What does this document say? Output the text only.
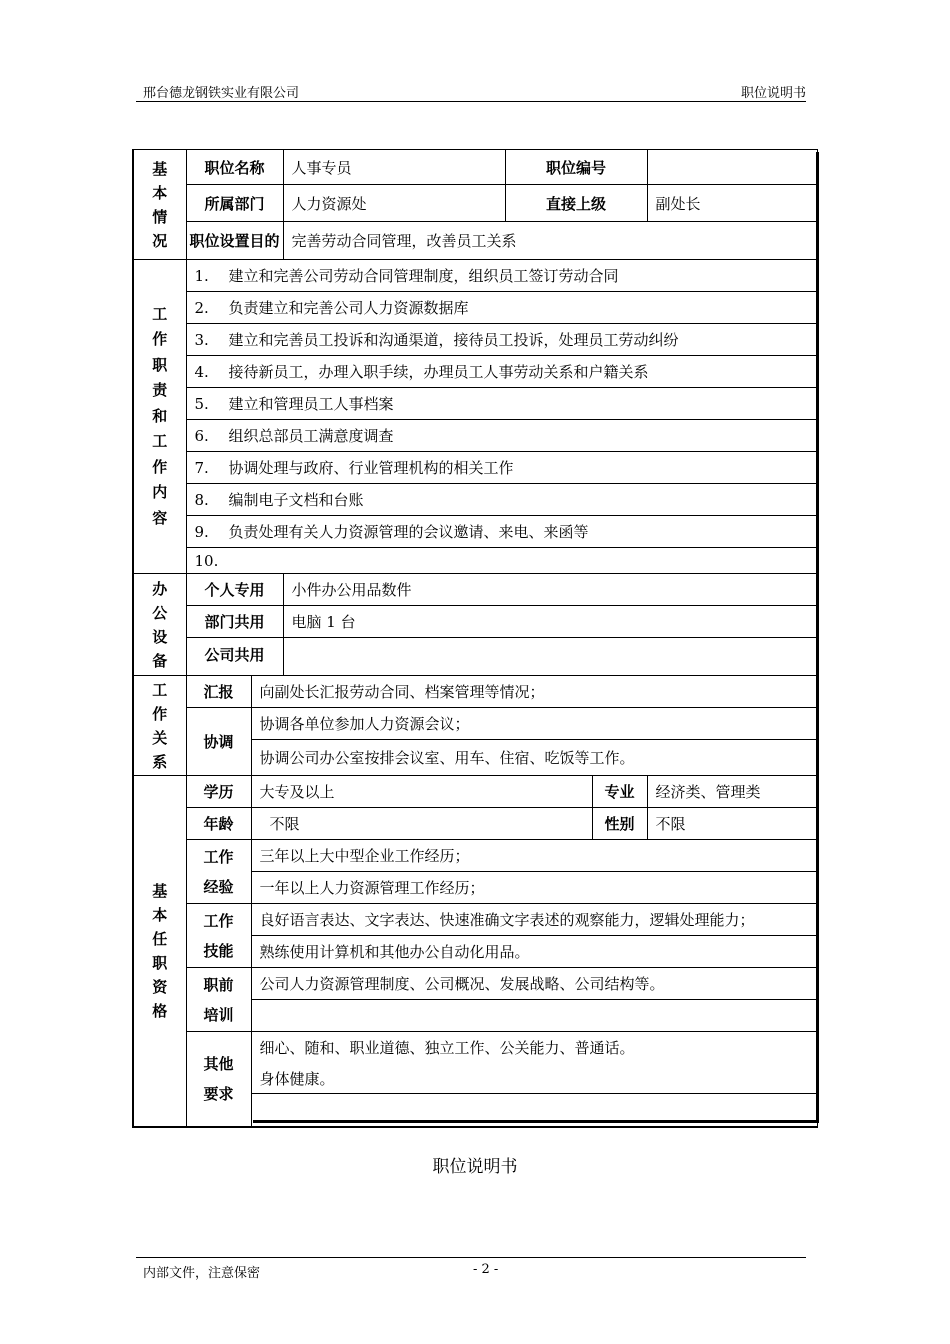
邢台德龙钢铁实业有限公司	职位说明书
基本情况	职位名称		人事专员	职位编号		
	所属部门		人力资源处	直接上级		副处长
	职位设置目的		完善劳动合同管理，改善员工关系			

工作职责和工作内容	1. 建立和完善公司劳动合同管理制度，组织员工签订劳动合同					
	2. 负责建立和完善公司人力资源数据库					
	3. 建立和完善员工投诉和沟通渠道，接待员工投诉，处理员工劳动纠纷					
	4. 接待新员工，办理入职手续，办理员工人事劳动关系和户籍关系					
	5. 建立和管理员工人事档案					
	6. 组织总部员工满意度调查					
	7. 协调处理与政府、行业管理机构的相关工作					
	8. 编制电子文档和台账					
	9. 负责处理有关人力资源管理的会议邀请、来电、来函等					
	10.					

办公设备	个人专用		小件办公用品数件			
	部门共用		电脑 1 台			
	公司共用					

工作关系	汇报	向副处长汇报劳动合同、档案管理等情况；				
	协调	协调各单位参加人力资源会议；				
		协调公司办公室按排会议室、用车、住宿、吃饭等工作。				

基本任职资格	学历	大专及以上			专业	经济类、管理类
	年龄	不限			性别	不限

	工作
经验	三年以上大中型企业工作经历；				
		一年以上人力资源管理工作经历；				

	工作
技能	良好语言表达、文字表达、快速准确文字表述的观察能力，逻辑处理能力；				
		熟练使用计算机和其他办公自动化用品。				

	职前
培训	公司人力资源管理制度、公司概况、发展战略、公司结构等。				

	其他
要求	细心、随和、职业道德、独立工作、公关能力、普通话。				
		身体健康。				

职位说明书
内部文件，注意保密	- 2 -
